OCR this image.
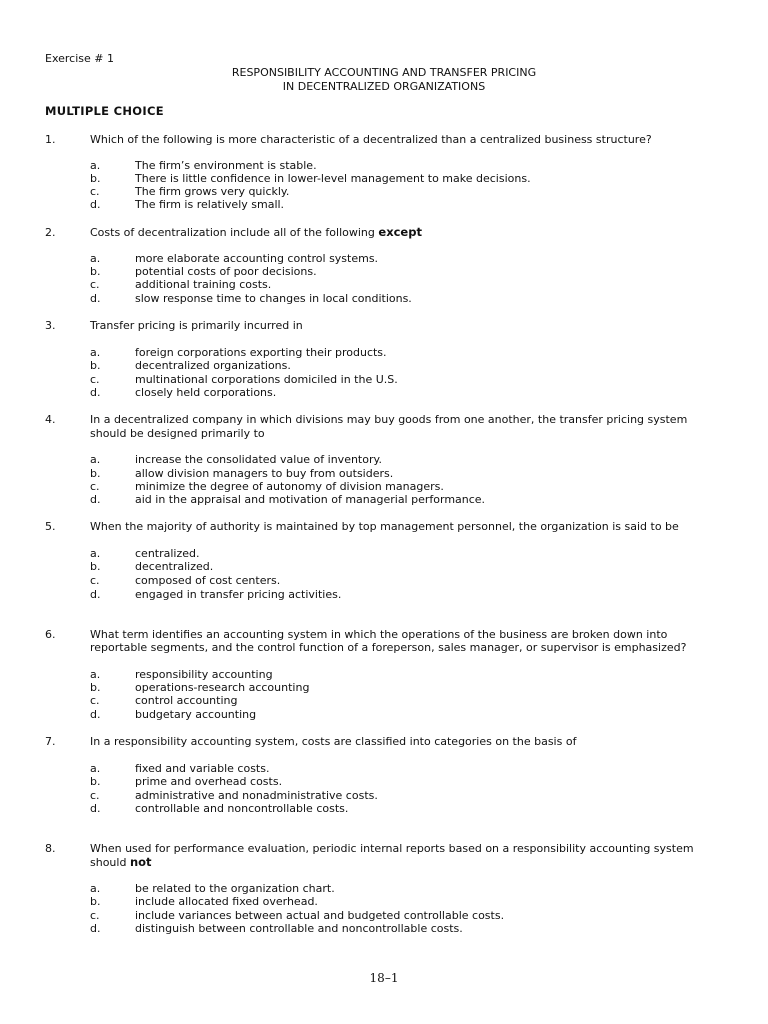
Exercise # 1
RESPONSIBILITY ACCOUNTING AND TRANSFER PRICING
IN DECENTRALIZED ORGANIZATIONS
MULTIPLE CHOICE
1.	Which of the following is more characteristic of a decentralized than a centralized business structure?
a.	The firm’s environment is stable.
b.	There is little confidence in lower-level management to make decisions.
c.	The firm grows very quickly.
d.	The firm is relatively small.
2.	Costs of decentralization include all of the following except
a.	more elaborate accounting control systems.
b.	potential costs of poor decisions.
c.	additional training costs.
d.	slow response time to changes in local conditions.
3.	Transfer pricing is primarily incurred in
a.	foreign corporations exporting their products.
b.	decentralized organizations.
c.	multinational corporations domiciled in the U.S.
d.	closely held corporations.
4.	In a decentralized company in which divisions may buy goods from one another, the transfer pricing system
should be designed primarily to
a.	increase the consolidated value of inventory.
b.	allow division managers to buy from outsiders.
c.	minimize the degree of autonomy of division managers.
d.	aid in the appraisal and motivation of managerial performance.
5.	When the majority of authority is maintained by top management personnel, the organization is said to be
a.	centralized.
b.	decentralized.
c.	composed of cost centers.
d.	engaged in transfer pricing activities.
6.	What term identifies an accounting system in which the operations of the business are broken down into
reportable segments, and the control function of a foreperson, sales manager, or supervisor is emphasized?
a.	responsibility accounting
b.	operations-research accounting
c.	control accounting
d.	budgetary accounting
7.	In a responsibility accounting system, costs are classified into categories on the basis of
a.	fixed and variable costs.
b.	prime and overhead costs.
c.	administrative and nonadministrative costs.
d.	controllable and noncontrollable costs.
8.	When used for performance evaluation, periodic internal reports based on a responsibility accounting system
should not
a.	be related to the organization chart.
b.	include allocated fixed overhead.
c.	include variances between actual and budgeted controllable costs.
d.	distinguish between controllable and noncontrollable costs.
18–1
